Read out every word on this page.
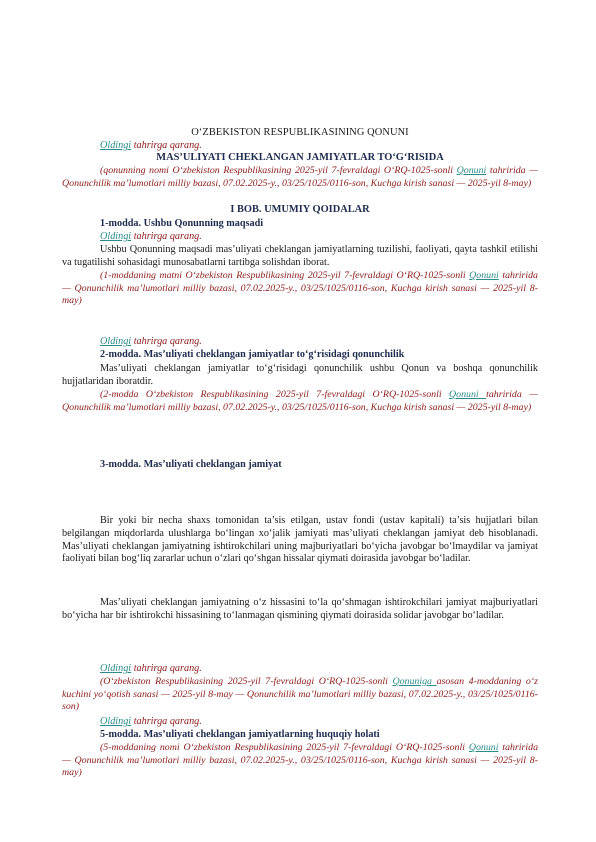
O‘ZBEKISTON RESPUBLIKASINING QONUNI
Oldingi tahrirga qarang.
MAS’ULIYATI CHEKLANGAN JAMIYATLAR TO‘G‘RISIDA
(qonunning nomi O‘zbekiston Respublikasining 2025-yil 7-fevraldagi O‘RQ-1025-sonli Qonuni tahririda — Qonunchilik ma’lumotlari milliy bazasi, 07.02.2025-y., 03/25/1025/0116-son, Kuchga kirish sanasi — 2025-yil 8-may)
I BOB. UMUMIY QOIDALAR
1-modda. Ushbu Qonunning maqsadi
Oldingi tahrirga qarang.
Ushbu Qonunning maqsadi mas’uliyati cheklangan jamiyatlarning tuzilishi, faoliyati, qayta tashkil etilishi va tugatilishi sohasidagi munosabatlarni tartibga solishdan iborat.
(1-moddaning matni O‘zbekiston Respublikasining 2025-yil 7-fevraldagi O‘RQ-1025-sonli Qonuni tahririda — Qonunchilik ma’lumotlari milliy bazasi, 07.02.2025-y., 03/25/1025/0116-son, Kuchga kirish sanasi — 2025-yil 8-may)
Oldingi tahrirga qarang.
2-modda. Mas’uliyati cheklangan jamiyatlar to‘g‘risidagi qonunchilik
Mas’uliyati cheklangan jamiyatlar to‘g‘risidagi qonunchilik ushbu Qonun va boshqa qonunchilik hujjatlaridan iboratdir.
(2-modda O‘zbekiston Respublikasining 2025-yil 7-fevraldagi O‘RQ-1025-sonli Qonuni tahririda — Qonunchilik ma’lumotlari milliy bazasi, 07.02.2025-y., 03/25/1025/0116-son, Kuchga kirish sanasi — 2025-yil 8-may)
3-modda. Mas’uliyati cheklangan jamiyat
Bir yoki bir necha shaxs tomonidan ta’sis etilgan, ustav fondi (ustav kapitali) ta’sis hujjatlari bilan belgilangan miqdorlarda ulushlarga bo‘lingan xo‘jalik jamiyati mas’uliyati cheklangan jamiyat deb hisoblanadi. Mas’uliyati cheklangan jamiyatning ishtirokchilari uning majburiyatlari bo‘yicha javobgar bo‘lmaydilar va jamiyat faoliyati bilan bog‘liq zararlar uchun o‘zlari qo‘shgan hissalar qiymati doirasida javobgar bo‘ladilar.
Mas’uliyati cheklangan jamiyatning o‘z hissasini to‘la qo‘shmagan ishtirokchilari jamiyat majburiyatlari bo‘yicha har bir ishtirokchi hissasining to‘lanmagan qismining qiymati doirasida solidar javobgar bo‘ladilar.
Oldingi tahrirga qarang.
(O‘zbekiston Respublikasining 2025-yil 7-fevraldagi O‘RQ-1025-sonli Qonuniga asosan 4-moddaning o‘z kuchini yo‘qotish sanasi — 2025-yil 8-may — Qonunchilik ma’lumotlari milliy bazasi, 07.02.2025-y., 03/25/1025/0116-son)
Oldingi tahrirga qarang.
5-modda. Mas’uliyati cheklangan jamiyatlarning huquqiy holati
(5-moddaning nomi O‘zbekiston Respublikasining 2025-yil 7-fevraldagi O‘RQ-1025-sonli Qonuni tahririda — Qonunchilik ma’lumotlari milliy bazasi, 07.02.2025-y., 03/25/1025/0116-son, Kuchga kirish sanasi — 2025-yil 8-may)
